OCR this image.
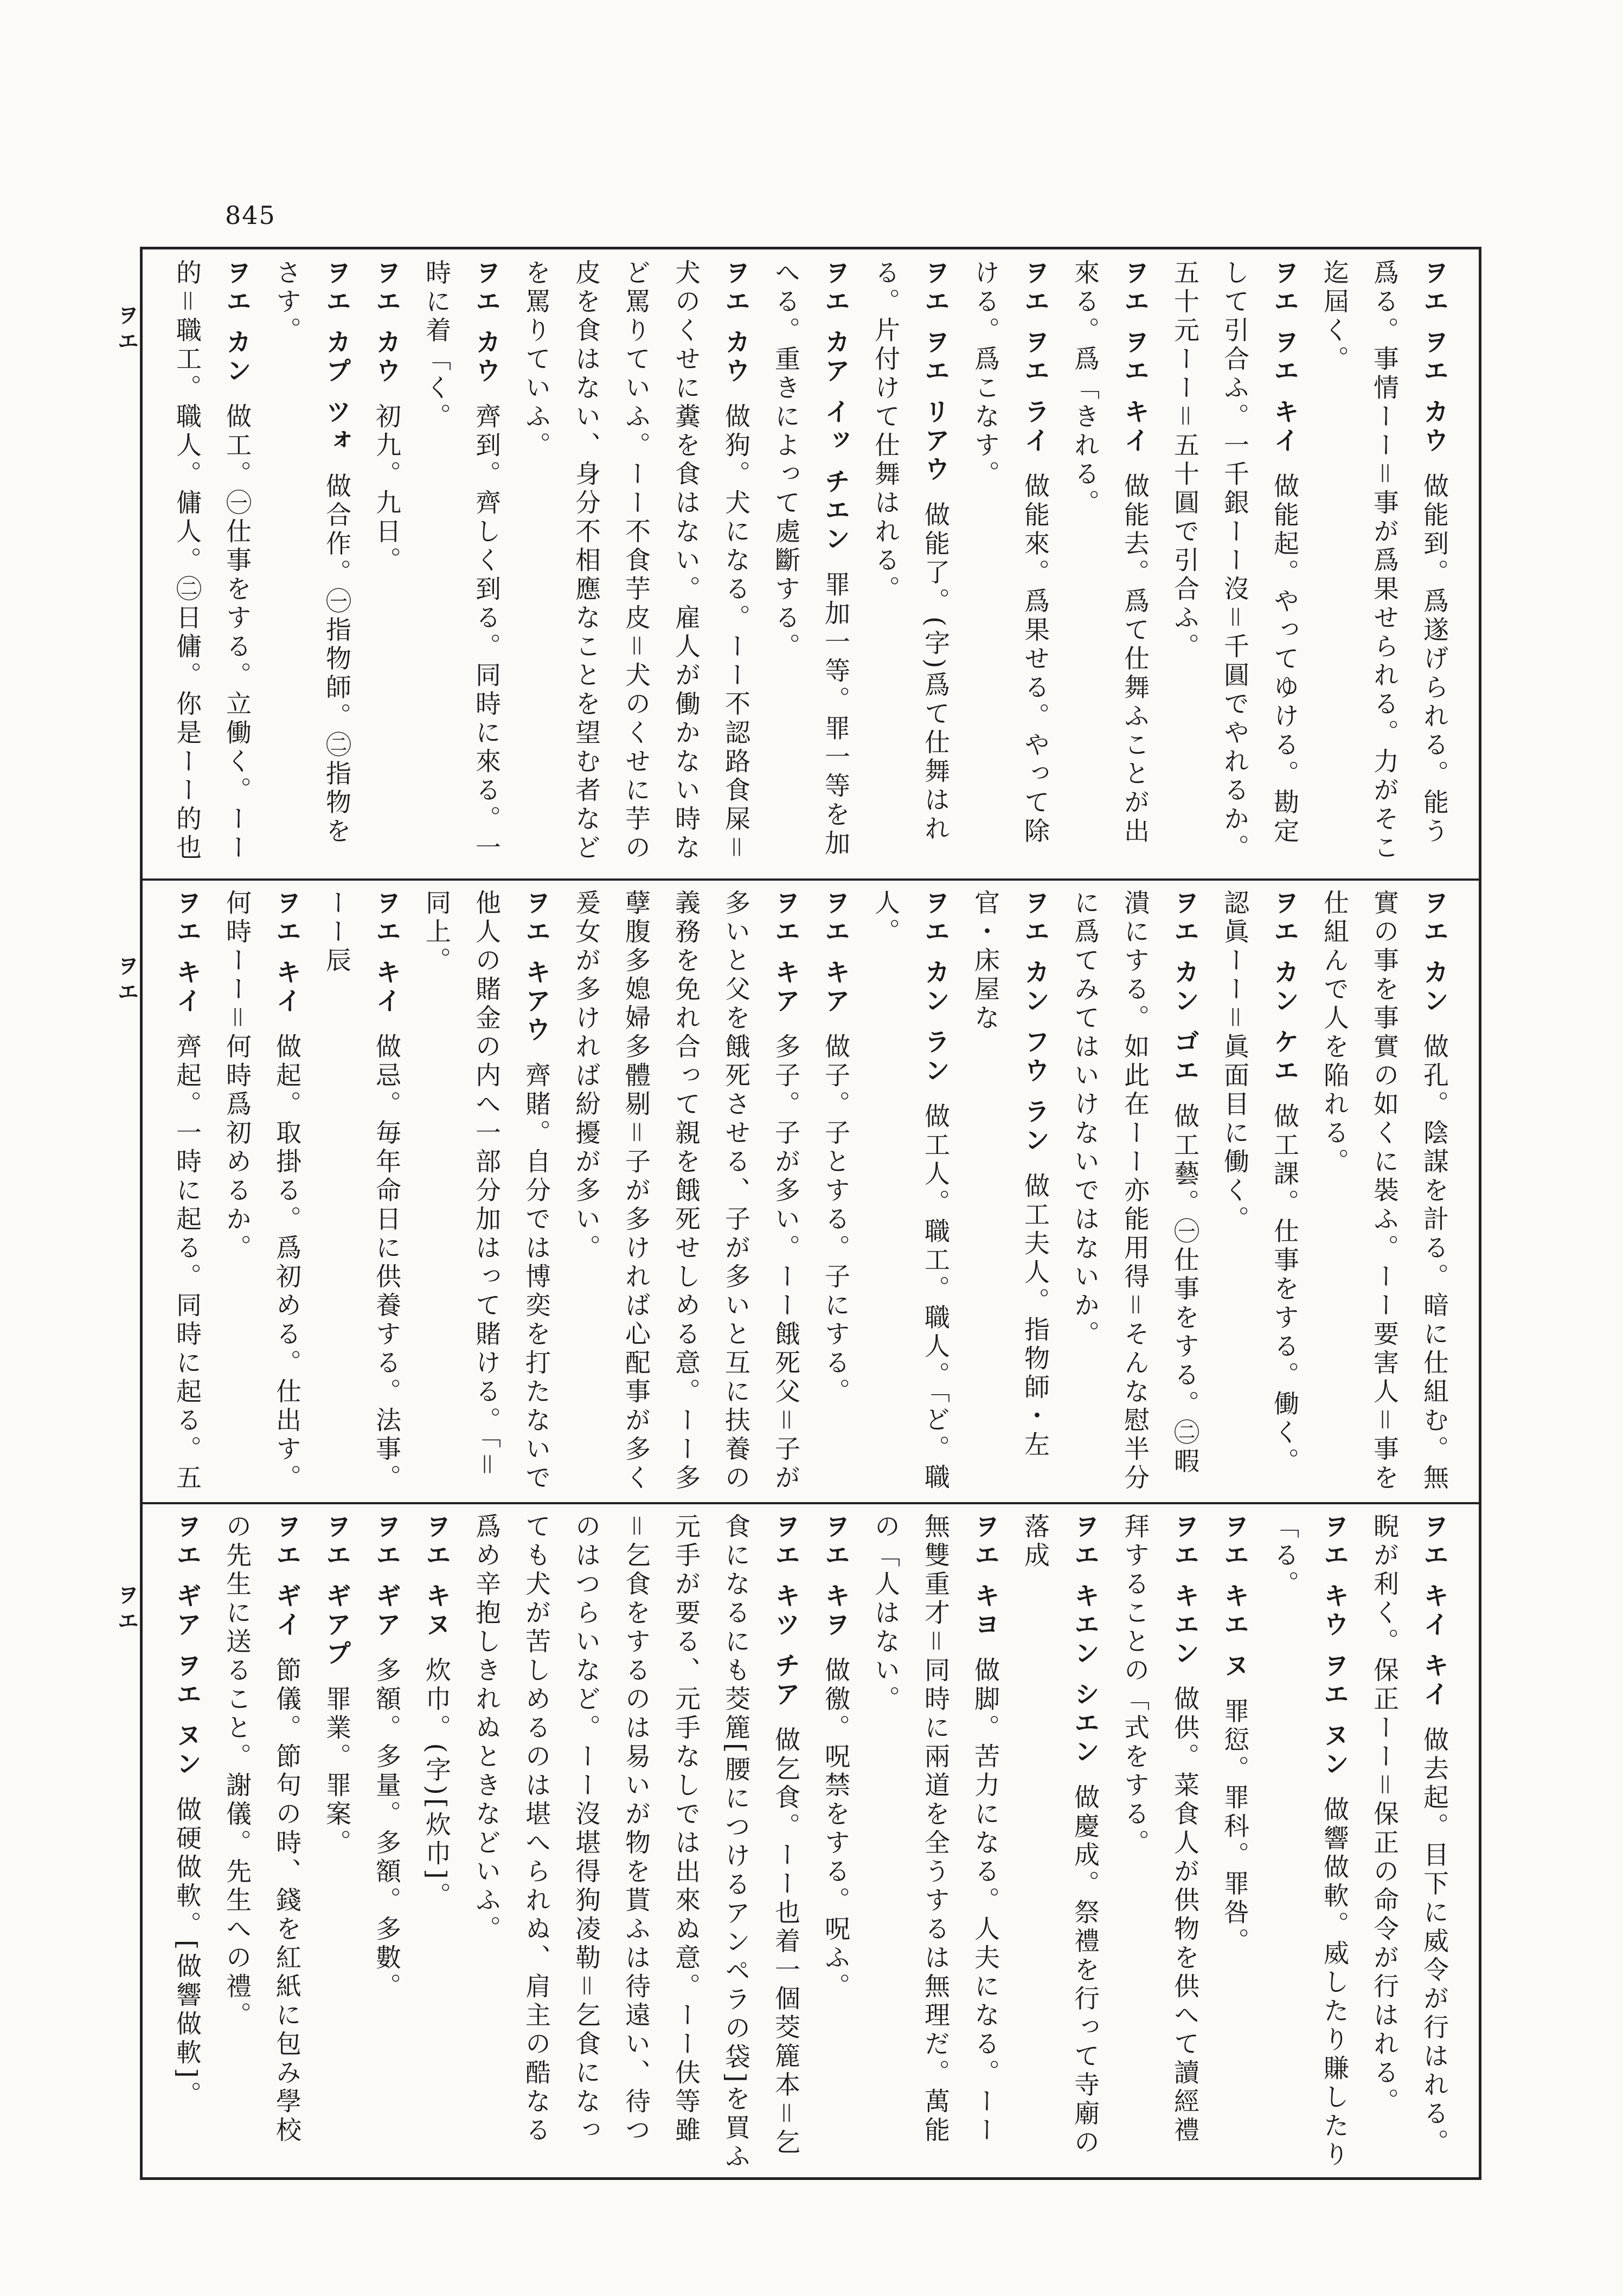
845
ヲエ
ヲエ
ヲエ
ヲエ ヲエ カウ 做能到。爲遂げられる。能う爲る。事情ーー＝事が爲果せられる。力がそこ迄屆く。
ヲエ ヲエ キイ 做能起。やってゆける。勘定して引合ふ。一千銀ーー沒＝千圓でやれるか。五十元ーー＝五十圓で引合ふ。
ヲエ ヲエ キイ 做能去。爲て仕舞ふことが出來る。爲「きれる。
ヲエ ヲエ ライ 做能來。爲果せる。やって除ける。爲こなす。
ヲエ ヲエ リアウ 做能了。(字)爲て仕舞はれる。片付けて仕舞はれる。
ヲエ カア イッ チエン 罪加一等。罪一等を加へる。重きによって處斷する。
ヲエ カウ 做狗。犬になる。ーー不認路食屎＝犬のくせに糞を食はない。雇人が働かない時など罵りていふ。ーー不食芋皮＝犬のくせに芋の皮を食はない、身分不相應なことを望む者などを罵りていふ。
ヲエ カウ 齊到。齊しく到る。同時に來る。一時に着「く。
ヲエ カウ 初九。九日。
ヲエ カプ ツォ 做合作。㊀指物師。㊁指物をさす。
ヲエ カン 做工。㊀仕事をする。立働く。ーー的＝職工。職人。傭人。㊁日傭。你是ーー的也
ヲエ カン 做孔。陰謀を計る。暗に仕組む。無實の事を事實の如くに裝ふ。ーー要害人＝事を仕組んで人を陥れる。
ヲエ カン ケエ 做工課。仕事をする。働く。認眞ーー＝眞面目に働く。
ヲエ カン ゴエ 做工藝。㊀仕事をする。㊁暇潰にする。如此在ーー亦能用得＝そんな慰半分に爲てみてはいけないではないか。
ヲエ カン フウ ラン 做工夫人。指物師・左官・床屋な
ヲエ カン ラン 做工人。職工。職人。「ど。職人。
ヲエ キア 做子。子とする。子にする。
ヲエ キア 多子。子が多い。ーー餓死父＝子が多いと父を餓死させる、子が多いと互に扶養の義務を免れ合って親を餓死せしめる意。ーー多孽腹多媳婦多體剔＝子が多ければ心配事が多く爰女が多ければ紛擾が多い。
ヲエ キアウ 齊賭。自分では博奕を打たないで他人の賭金の内へ一部分加はって賭ける。「＝同上。
ヲエ キイ 做忌。毎年命日に供養する。法事。ーー辰
ヲエ キイ 做起。取掛る。爲初める。仕出す。何時ーー＝何時爲初めるか。
ヲエ キイ 齊起。一時に起る。同時に起る。五
ヲエ キイ キイ 做去起。目下に威令が行はれる。睨が利く。保正ーー＝保正の命令が行はれる。
ヲエ キウ ヲエ ヌン 做響做軟。威したり賺したり「る。
ヲエ キエ ヌ 罪愆。罪科。罪咎。
ヲエ キエン 做供。菜食人が供物を供へて讀經禮拜することの「式をする。
ヲエ キエン シエン 做慶成。祭禮を行って寺廟の落成
ヲエ キヨ 做脚。苦力になる。人夫になる。ーー無雙重才＝同時に兩道を全うするは無理だ。萬能の「人はない。
ヲエ キヲ 做徼。呪禁をする。呪ふ。
ヲエ キツ チア 做乞食。ーー也着一個茭簏本＝乞食になるにも茭簏[腰につけるアンペラの袋]を買ふ元手が要る、元手なしでは出來ぬ意。ーー伕等雖＝乞食をするのは易いが物を貰ふは待遠い、待つのはつらいなど。ーー沒堪得狗凌勒＝乞食になっても犬が苦しめるのは堪へられぬ、肩主の酷なる爲め辛抱しきれぬときなどいふ。
ヲエ キヌ 炊巾。(字)[炊巾]。
ヲエ ギア 多額。多量。多額。多數。
ヲエ ギアプ 罪業。罪案。
ヲエ ギイ 節儀。節句の時、錢を紅紙に包み學校の先生に送ること。謝儀。先生への禮。
ヲエ ギア ヲエ ヌン 做硬做軟。[做響做軟]。
